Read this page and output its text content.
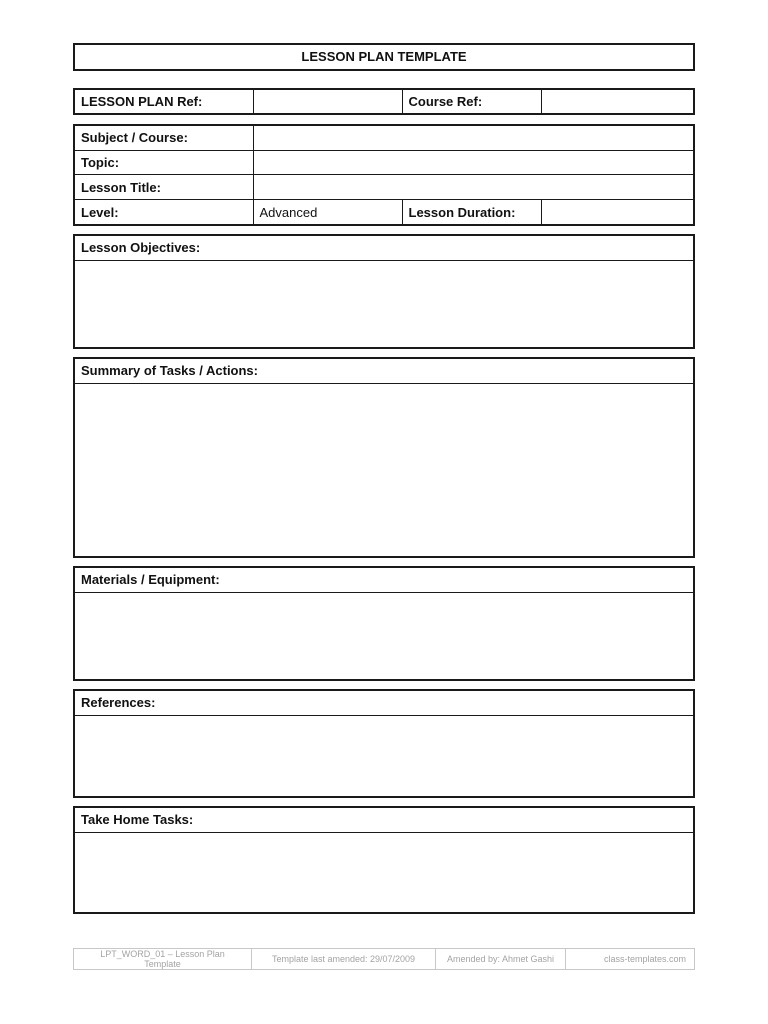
LESSON PLAN TEMPLATE
LESSON PLAN Ref:		Course Ref:	
Subject / Course:			
Topic:			
Lesson Title:			
Level:	Advanced	Lesson Duration:	
Lesson Objectives:
Summary of Tasks / Actions:
Materials / Equipment:
References:
Take Home Tasks:
LPT_WORD_01 – Lesson Plan Template	Template last amended: 29/07/2009	Amended by: Ahmet Gashi	class-templates.com
